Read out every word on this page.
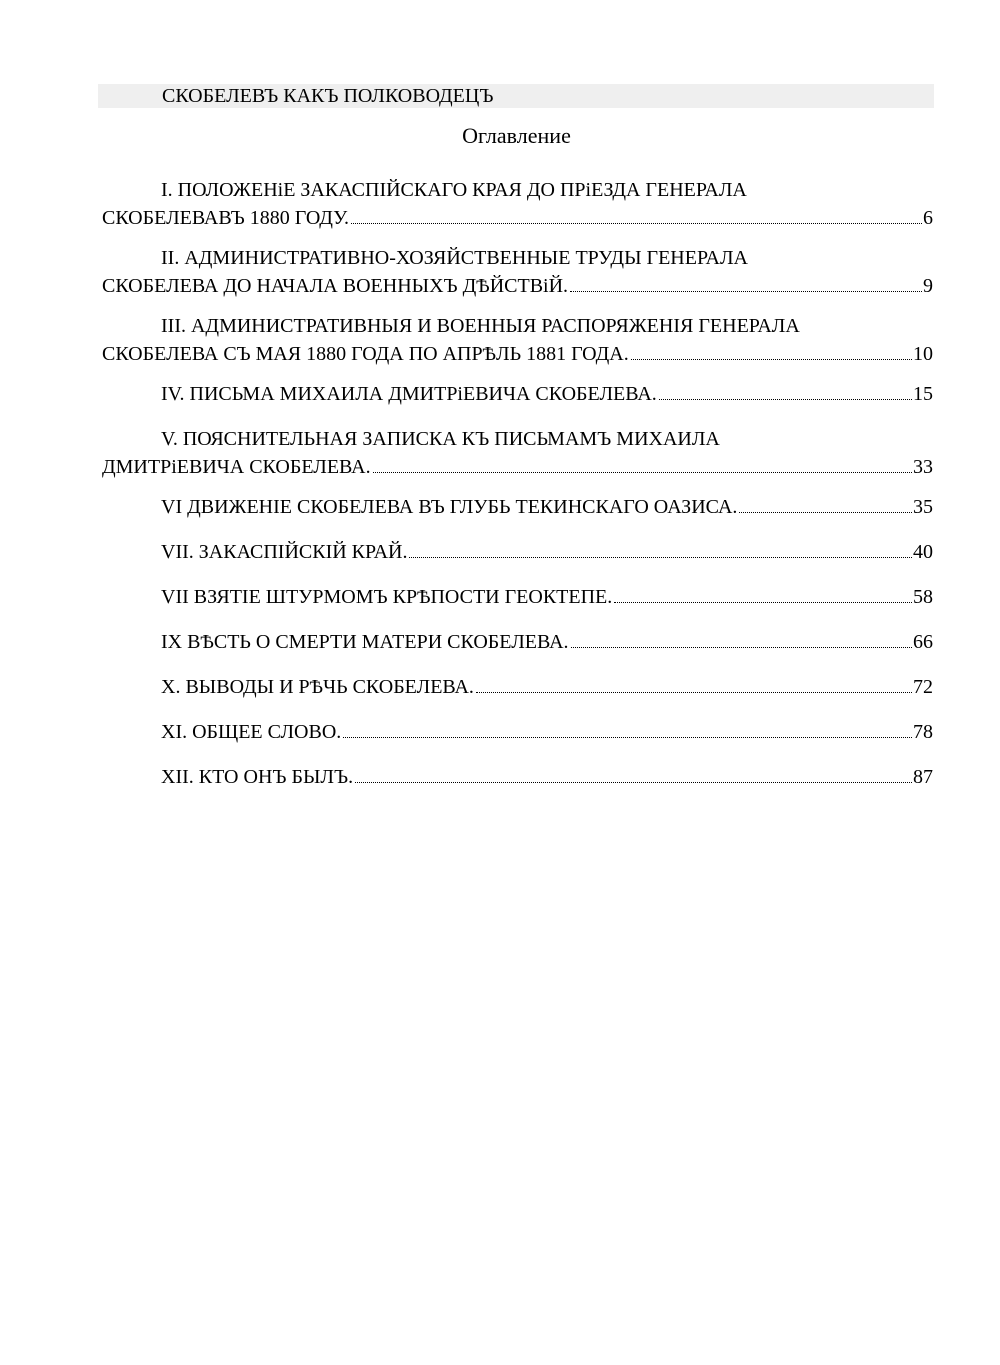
СКОБЕЛЕВЪ КАКЪ ПОЛКОВОДЕЦЪ
Оглавление
I. ПОЛОЖЕНiЕ ЗАКАСПІЙСКАГО КРАЯ ДО ПРiЕЗДА ГЕНЕРАЛА
СКОБЕЛЕВАВЪ 1880 ГОДУ.	6
II. АДМИНИСТРАТИВНО-ХОЗЯЙСТВЕННЫЕ ТРУДЫ ГЕНЕРАЛА
СКОБЕЛЕВА ДО НАЧАЛА ВОЕННЫХЪ ДѢЙСТВiЙ.	9
III. АДМИНИСТРАТИВНЫЯ И ВОЕННЫЯ РАСПОРЯЖЕНІЯ ГЕНЕРАЛА
СКОБЕЛЕВА СЪ МАЯ 1880 ГОДА ПО АПРѢЛЬ 1881 ГОДА.	10
IV. ПИСЬМА МИХАИЛА ДМИТРiЕВИЧА СКОБЕЛЕВА.	15
V. ПОЯСНИТЕЛЬНАЯ ЗАПИСКА КЪ ПИСЬМАМЪ МИХАИЛА
ДМИТРiЕВИЧА СКОБЕЛЕВА.	33
VI ДВИЖЕНІЕ СКОБЕЛЕВА ВЪ ГЛУБЬ ТЕКИНСКАГО ОАЗИСА.	35
VII. ЗАКАСПІЙСКІЙ КРАЙ.	40
VII ВЗЯТІЕ ШТУРМОМЪ КРѢПОСТИ ГЕОКТЕПЕ.	58
IX ВѢСТЬ О СМЕРТИ МАТЕРИ СКОБЕЛЕВА.	66
X. ВЫВОДЫ И РѢЧЬ СКОБЕЛЕВА.	72
XI. ОБЩЕЕ СЛОВО.	78
XII. КТО ОНЪ БЫЛЪ.	87
